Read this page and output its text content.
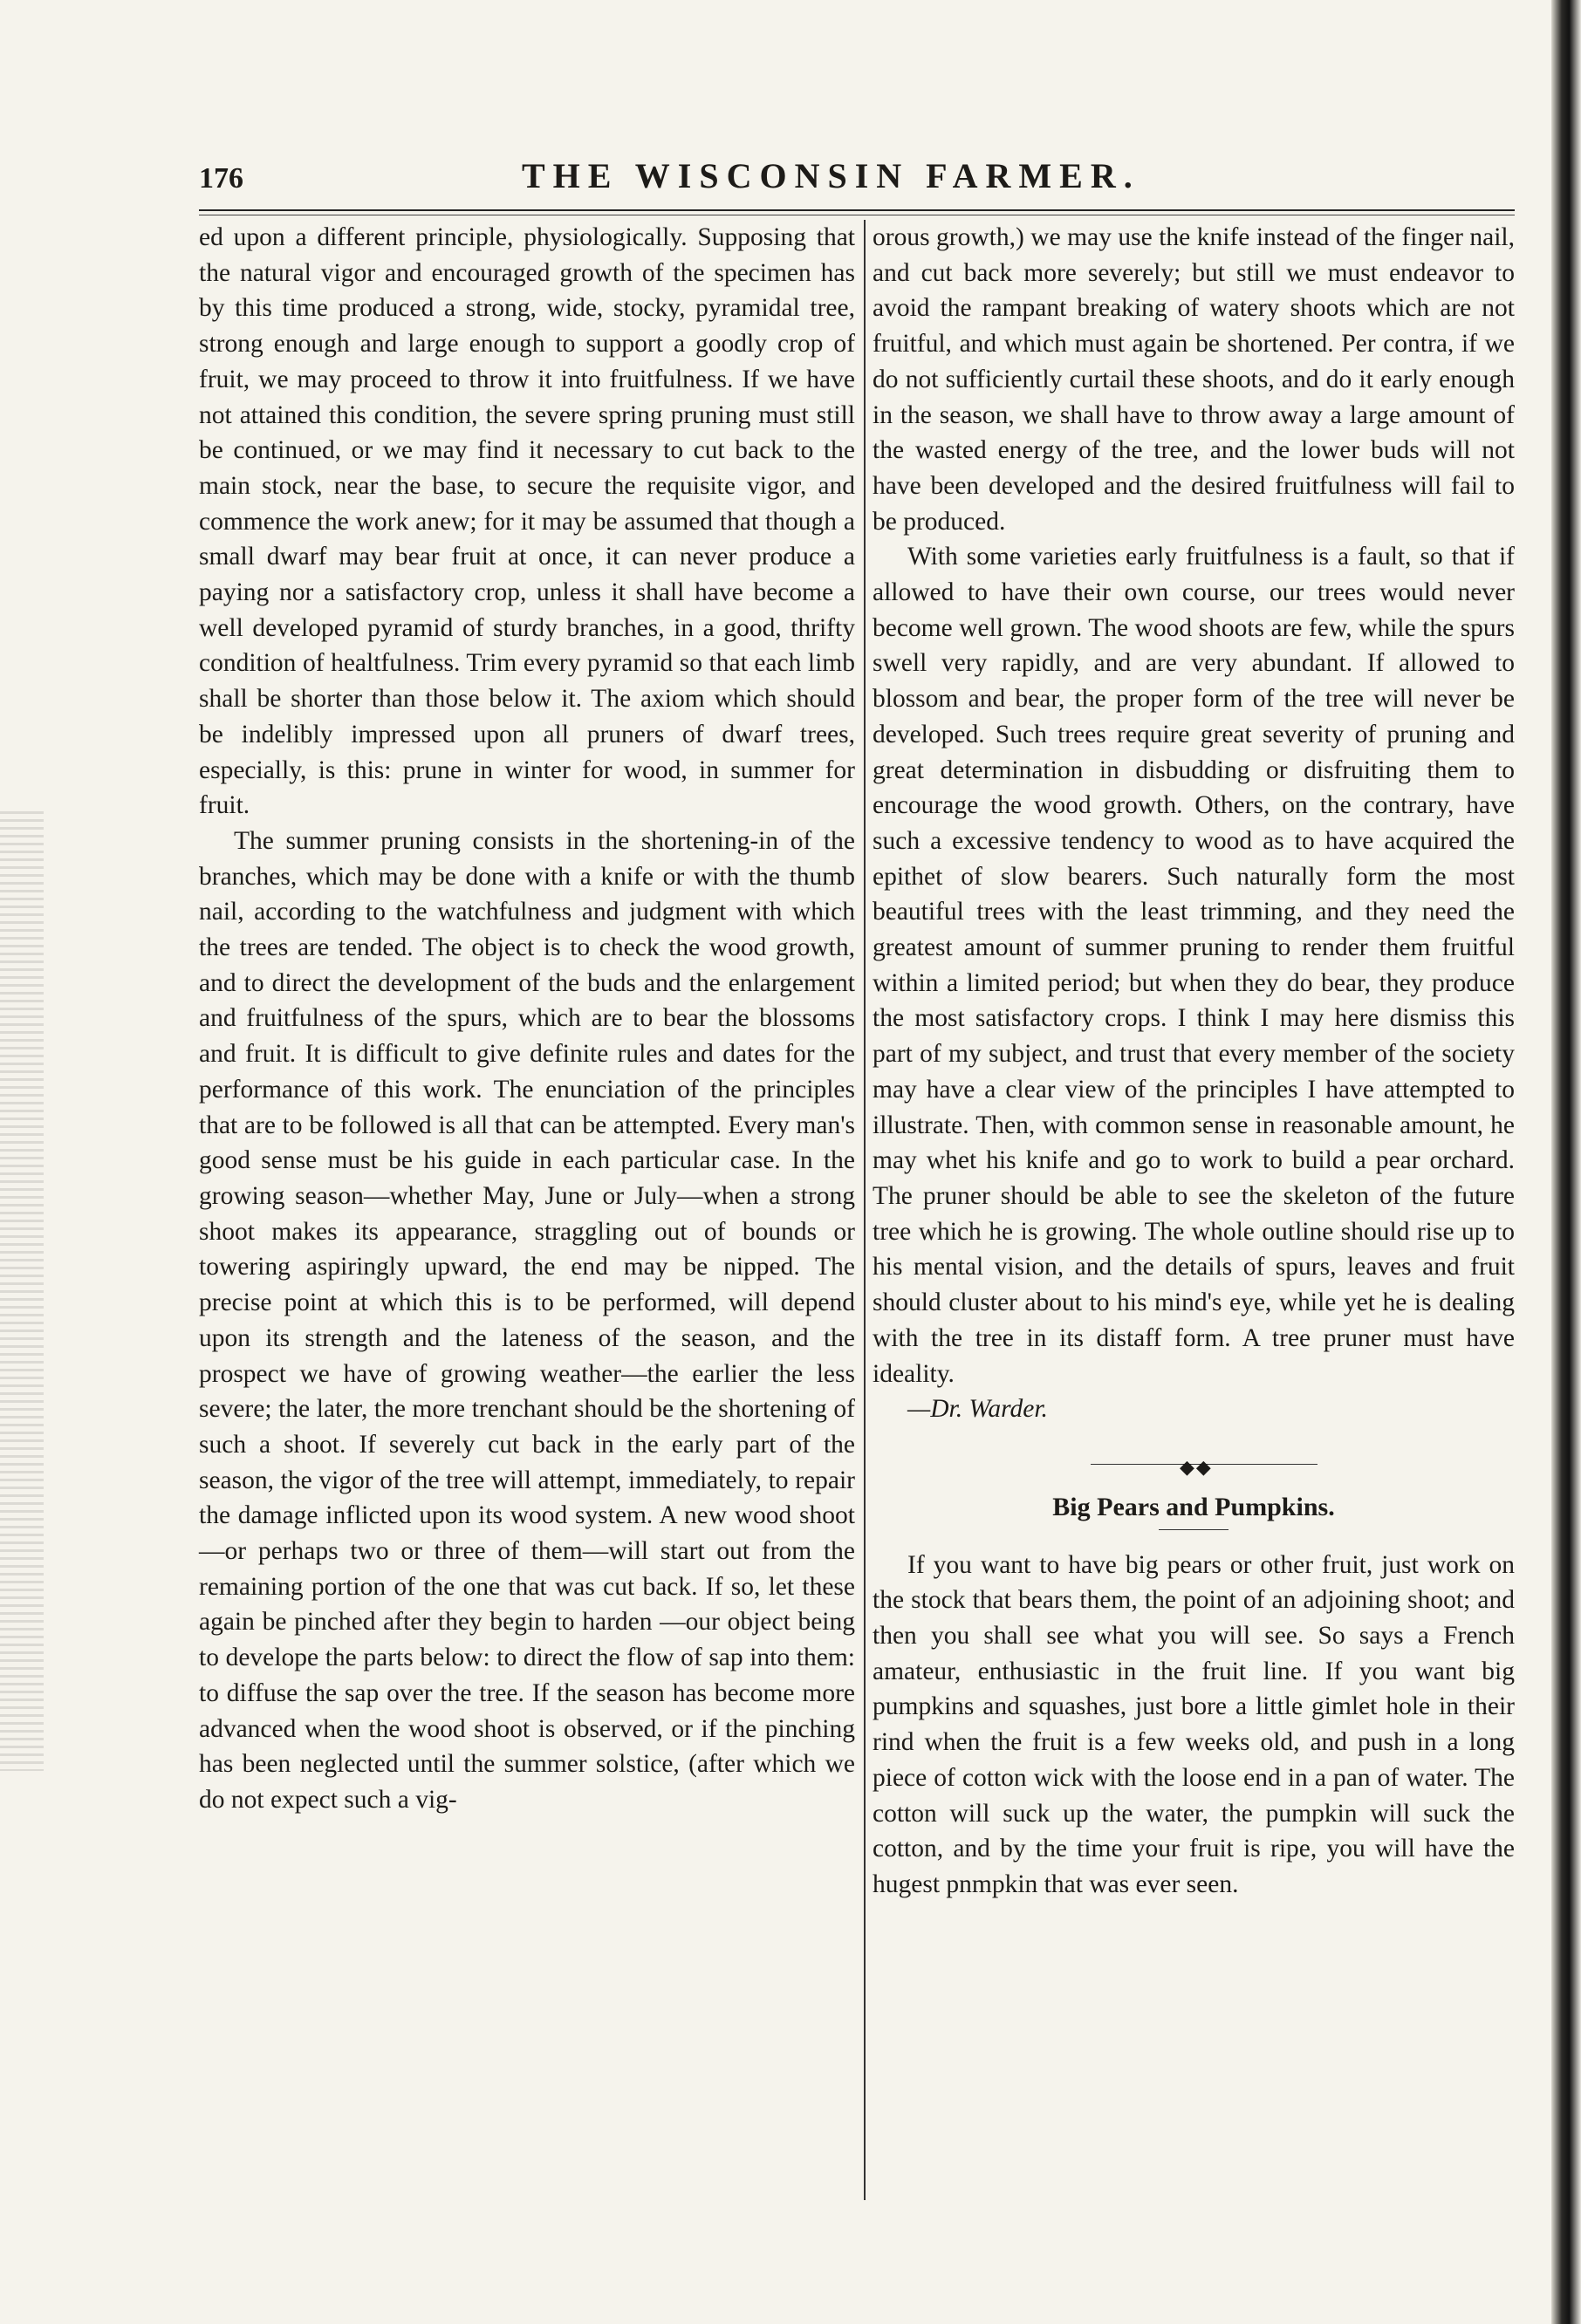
176	THE WISCONSIN FARMER.

ed upon a different principle, physiologically. Supposing that the natural vigor and encouraged growth of the specimen has by this time produced a strong, wide, stocky, pyramidal tree, strong enough and large enough to support a goodly crop of fruit, we may proceed to throw it into fruitfulness. If we have not attained this condition, the severe spring pruning must still be continued, or we may find it necessary to cut back to the main stock, near the base, to secure the requisite vigor, and commence the work anew; for it may be assumed that though a small dwarf may bear fruit at once, it can never produce a paying nor a satisfactory crop, unless it shall have become a well developed pyramid of sturdy branches, in a good, thrifty condition of healtfulness. Trim every pyramid so that each limb shall be shorter than those below it. The axiom which should be indelibly impressed upon all pruners of dwarf trees, especially, is this: prune in winter for wood, in summer for fruit.

The summer pruning consists in the shortening-in of the branches, which may be done with a knife or with the thumb nail, according to the watchfulness and judgment with which the trees are tended. The object is to check the wood growth, and to direct the development of the buds and the enlargement and fruitfulness of the spurs, which are to bear the blossoms and fruit. It is difficult to give definite rules and dates for the performance of this work. The enunciation of the principles that are to be followed is all that can be attempted. Every man's good sense must be his guide in each particular case. In the growing season—whether May, June or July—when a strong shoot makes its appearance, straggling out of bounds or towering aspiringly upward, the end may be nipped. The precise point at which this is to be performed, will depend upon its strength and the lateness of the season, and the prospect we have of growing weather—the earlier the less severe; the later, the more trenchant should be the shortening of such a shoot. If severely cut back in the early part of the season, the vigor of the tree will attempt, immediately, to repair the damage inflicted upon its wood system. A new wood shoot—or perhaps two or three of them—will start out from the remaining portion of the one that was cut back. If so, let these again be pinched after they begin to harden —our object being to develope the parts below: to direct the flow of sap into them: to diffuse the sap over the tree. If the season has become more advanced when the wood shoot is observed, or if the pinching has been neglected until the summer solstice, (after which we do not expect such a vig-

orous growth,) we may use the knife instead of the finger nail, and cut back more severely; but still we must endeavor to avoid the rampant breaking of watery shoots which are not fruitful, and which must again be shortened. Per contra, if we do not sufficiently curtail these shoots, and do it early enough in the season, we shall have to throw away a large amount of the wasted energy of the tree, and the lower buds will not have been developed and the desired fruitfulness will fail to be produced.

With some varieties early fruitfulness is a fault, so that if allowed to have their own course, our trees would never become well grown. The wood shoots are few, while the spurs swell very rapidly, and are very abundant. If allowed to blossom and bear, the proper form of the tree will never be developed. Such trees require great severity of pruning and great determination in disbudding or disfruiting them to encourage the wood growth. Others, on the contrary, have such a excessive tendency to wood as to have acquired the epithet of slow bearers. Such naturally form the most beautiful trees with the least trimming, and they need the greatest amount of summer pruning to render them fruitful within a limited period; but when they do bear, they produce the most satisfactory crops. I think I may here dismiss this part of my subject, and trust that every member of the society may have a clear view of the principles I have attempted to illustrate. Then, with common sense in reasonable amount, he may whet his knife and go to work to build a pear orchard. The pruner should be able to see the skeleton of the future tree which he is growing. The whole outline should rise up to his mental vision, and the details of spurs, leaves and fruit should cluster about to his mind's eye, while yet he is dealing with the tree in its distaff form. A tree pruner must have ideality.

—Dr. Warder.

◆◆
Big Pears and Pumpkins.

If you want to have big pears or other fruit, just work on the stock that bears them, the point of an adjoining shoot; and then you shall see what you will see. So says a French amateur, enthusiastic in the fruit line. If you want big pumpkins and squashes, just bore a little gimlet hole in their rind when the fruit is a few weeks old, and push in a long piece of cotton wick with the loose end in a pan of water. The cotton will suck up the water, the pumpkin will suck the cotton, and by the time your fruit is ripe, you will have the hugest pnmpkin that was ever seen.
